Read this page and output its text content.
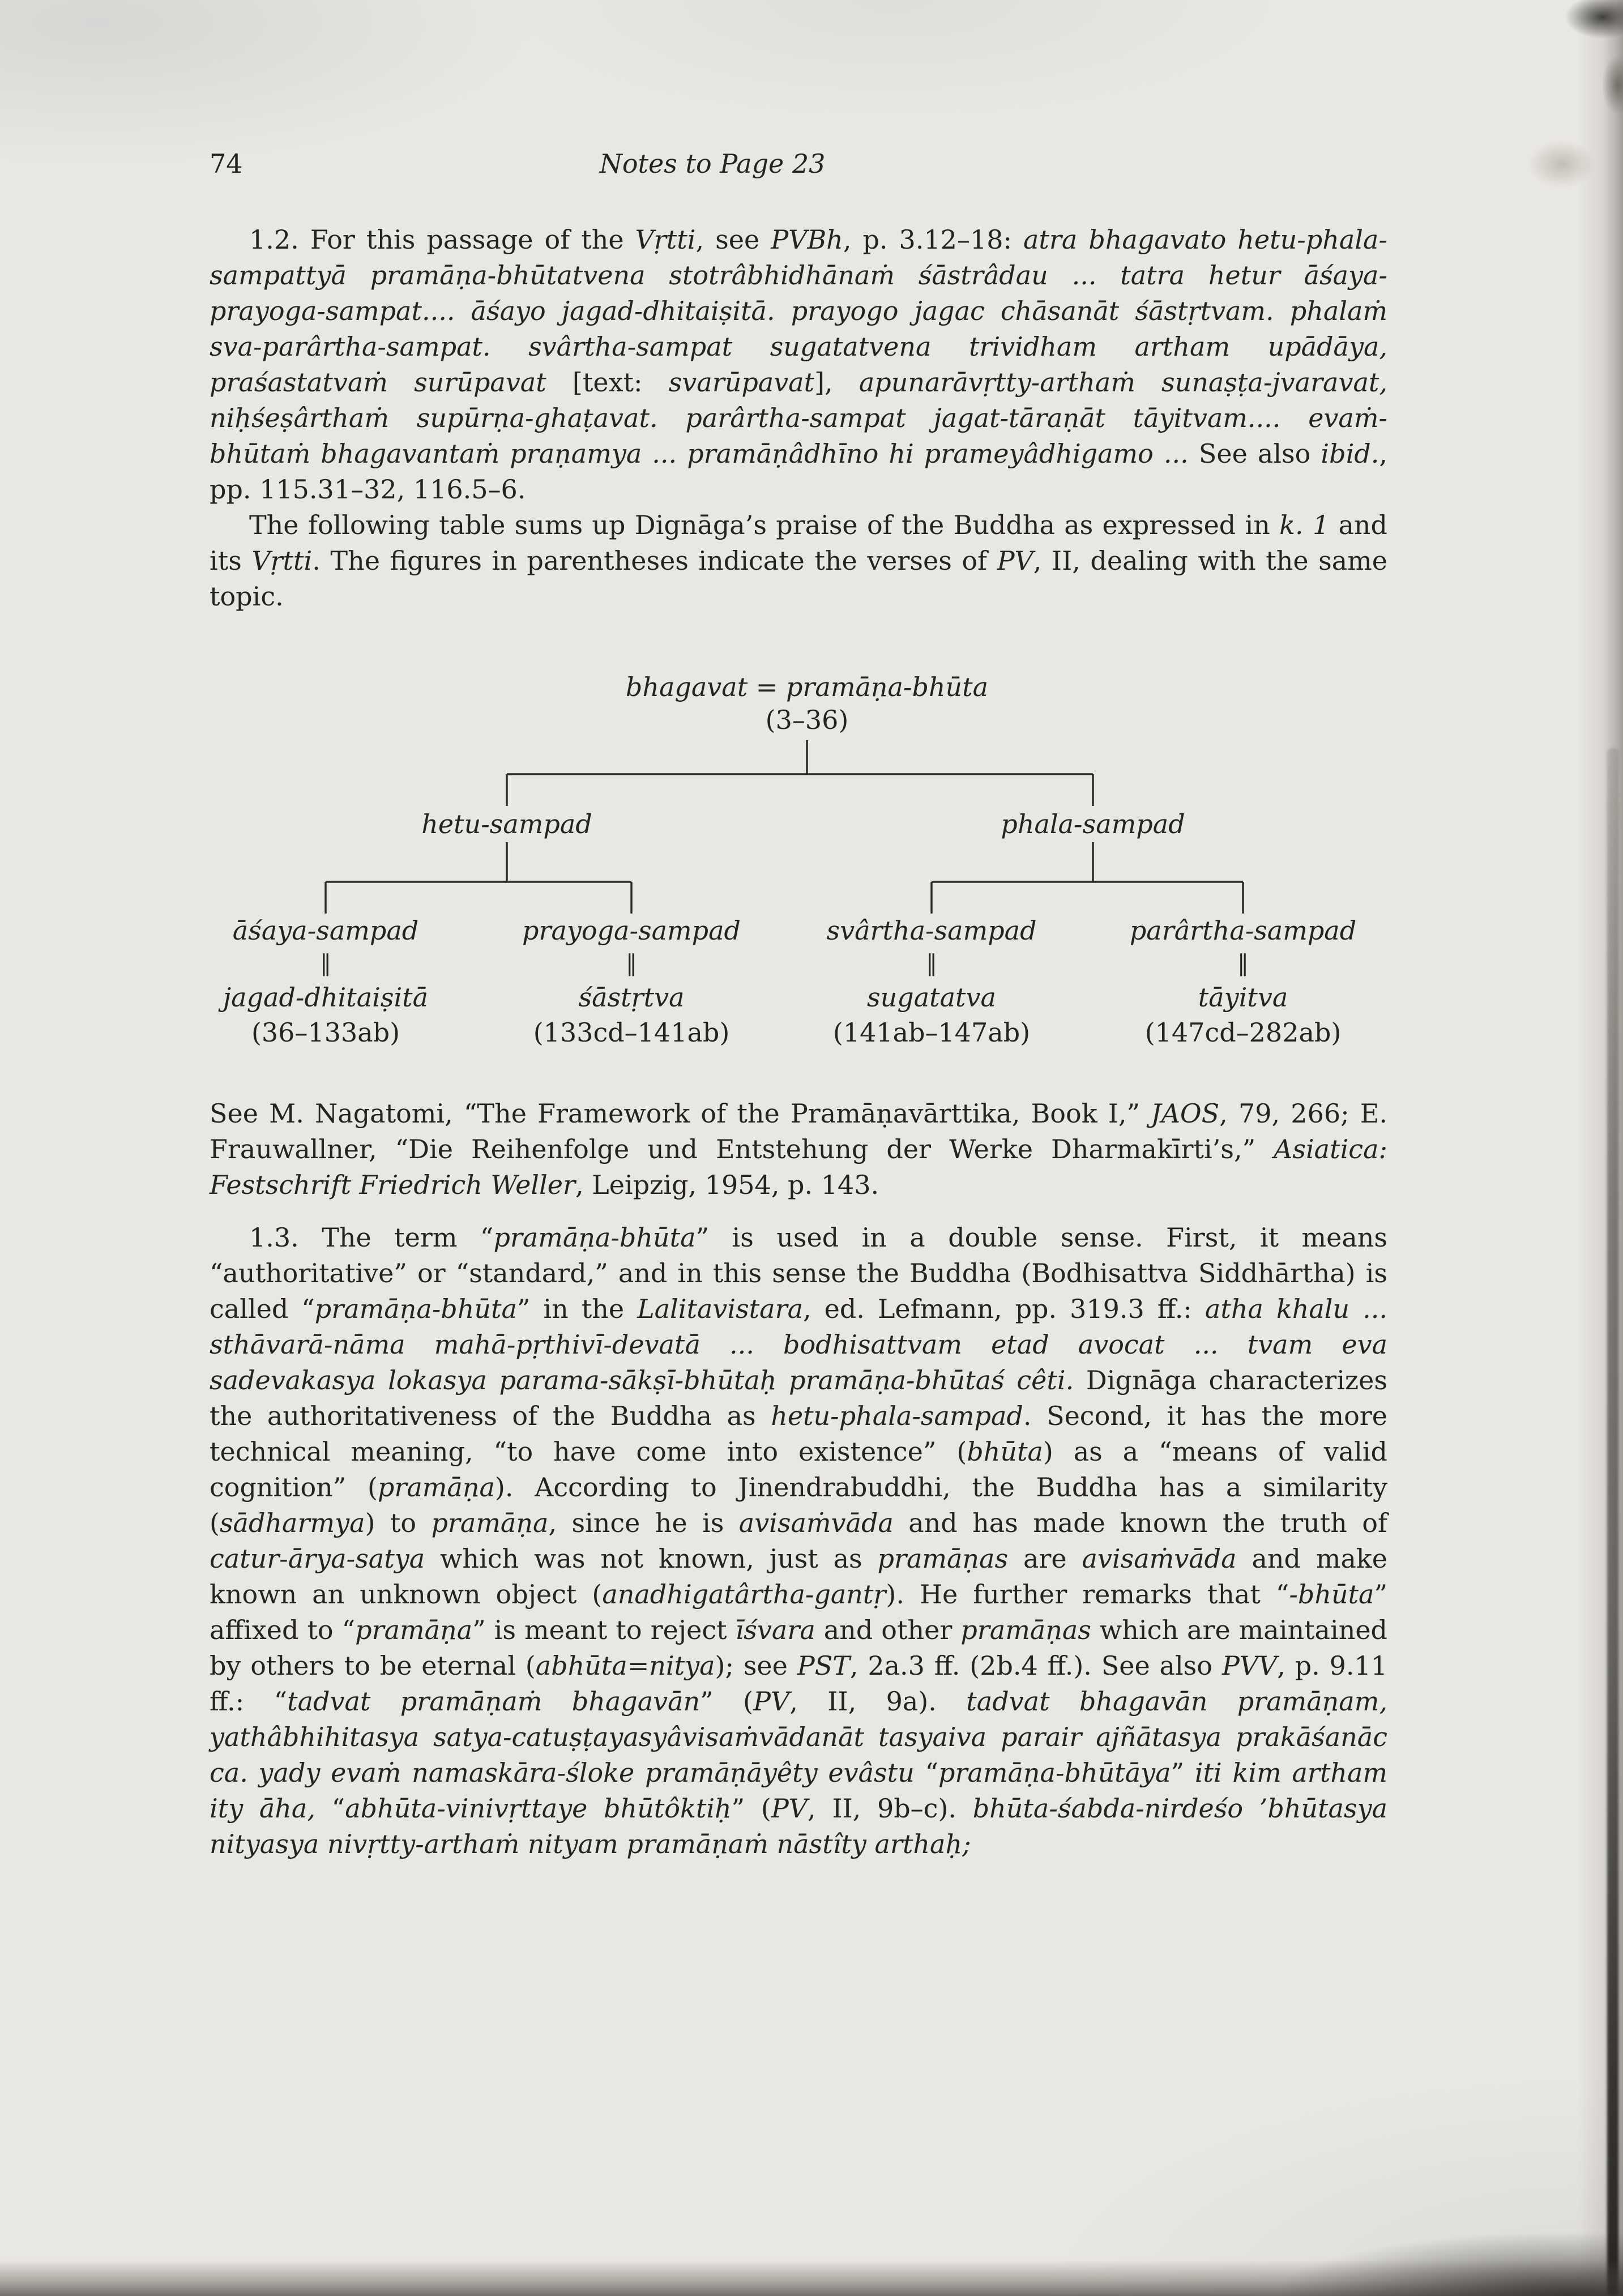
74	Notes to Page 23

1.2. For this passage of the Vṛtti, see PVBh, p. 3.12–18: atra bhagavato hetu-phala-sampattyā pramāṇa-bhūtatvena stotrâbhidhānaṁ śāstrâdau ... tatra hetur āśaya-prayoga-sampat.... āśayo jagad-dhitaiṣitā. prayogo jagac chāsanāt śāstṛtvam. phalaṁ sva-parârtha-sampat. svârtha-sampat sugatatvena trividham artham upādāya, praśastatvaṁ surūpavat [text: svarūpavat], apunarāvṛtty-arthaṁ sunaṣṭa-jvaravat, niḥśeṣârthaṁ supūrṇa-ghaṭavat. parârtha-sampat jagat-tāraṇāt tāyitvam.... evaṁ-bhūtaṁ bhagavantaṁ praṇamya ... pramāṇâdhīno hi prameyâdhigamo ... See also ibid., pp. 115.31–32, 116.5–6.

The following table sums up Dignāga’s praise of the Buddha as expressed in k. 1 and its Vṛtti. The figures in parentheses indicate the verses of PV, II, dealing with the same topic.

bhagavat = pramāṇa-bhūta
(3–36)
hetu-sampad	phala-sampad
āśaya-sampad
‖
jagad-dhitaiṣitā
(36–133ab)
prayoga-sampad
‖
śāstṛtva
(133cd–141ab)
svârtha-sampad
‖
sugatatva
(141ab–147ab)
parârtha-sampad
‖
tāyitva
(147cd–282ab)

See M. Nagatomi, “The Framework of the Pramāṇavārttika, Book I,” JAOS, 79, 266; E. Frauwallner, “Die Reihenfolge und Entstehung der Werke Dharmakīrti’s,” Asiatica: Festschrift Friedrich Weller, Leipzig, 1954, p. 143.

1.3. The term “pramāṇa-bhūta” is used in a double sense. First, it means “authoritative” or “standard,” and in this sense the Buddha (Bodhisattva Siddhārtha) is called “pramāṇa-bhūta” in the Lalitavistara, ed. Lefmann, pp. 319.3 ff.: atha khalu ... sthāvarā-nāma mahā-pṛthivī-devatā ... bodhisattvam etad avocat ... tvam eva sadevakasya lokasya parama-sākṣī-bhūtaḥ pramāṇa-bhūtaś cêti. Dignāga characterizes the authoritativeness of the Buddha as hetu-phala-sampad. Second, it has the more technical meaning, “to have come into existence” (bhūta) as a “means of valid cognition” (pramāṇa). According to Jinendrabuddhi, the Buddha has a similarity (sādharmya) to pramāṇa, since he is avisaṁvāda and has made known the truth of catur-ārya-satya which was not known, just as pramāṇas are avisaṁvāda and make known an unknown object (anadhigatârtha-gantṛ). He further remarks that “-bhūta” affixed to “pramāṇa” is meant to reject īśvara and other pramāṇas which are maintained by others to be eternal (abhūta=nitya); see PST, 2a.3 ff. (2b.4 ff.). See also PVV, p. 9.11 ff.: “tadvat pramāṇaṁ bhagavān” (PV, II, 9a). tadvat bhagavān pramāṇam, yathâbhihitasya satya-catuṣṭayasyâvisaṁvādanāt tasyaiva parair ajñātasya prakāśanāc ca. yady evaṁ namaskāra-śloke pramāṇāyêty evâstu “pramāṇa-bhūtāya” iti kim artham ity āha, “abhūta-vinivṛttaye bhūtôktiḥ” (PV, II, 9b–c). bhūta-śabda-nirdeśo ’bhūtasya nityasya nivṛtty-arthaṁ nityam pramāṇaṁ nāstîty arthaḥ;
